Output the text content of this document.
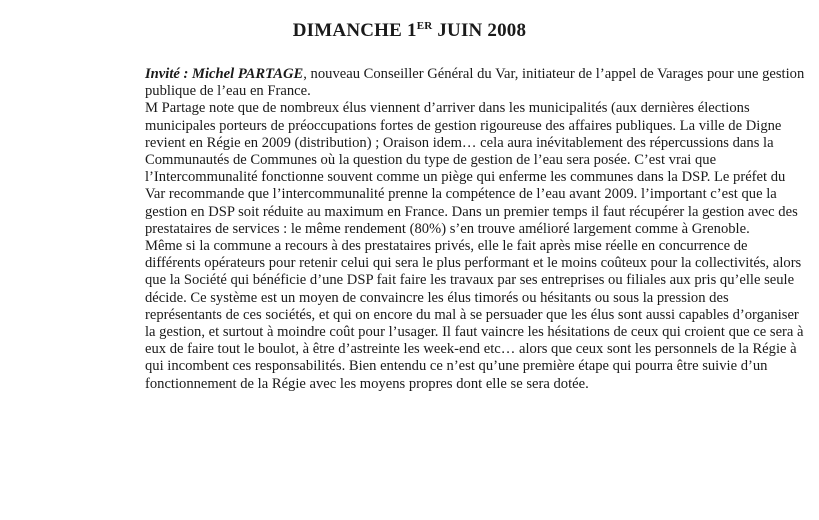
DIMANCHE 1ER JUIN 2008

Invité : Michel PARTAGE, nouveau Conseiller Général du Var, initiateur de l’appel de Varages pour une gestion publique de l’eau en France.

M Partage note que de nombreux élus viennent d’arriver dans les municipalités (aux dernières élections municipales porteurs de préoccupations fortes de gestion rigoureuse des affaires publiques. La ville de Digne revient en Régie en 2009 (distribution) ; Oraison idem… cela aura inévitablement des répercussions dans la Communautés de Communes où la question du type de gestion de l’eau sera posée. C’est vrai que l’Intercommunalité fonctionne souvent comme un piège qui enferme les communes dans la DSP. Le préfet du Var recommande que l’intercommunalité prenne la compétence de l’eau avant 2009. l’important c’est que la gestion en DSP soit réduite au maximum en France. Dans un premier temps il faut récupérer la gestion avec des prestataires de services : le même rendement (80%) s’en trouve amélioré largement comme à Grenoble.

Même si la commune a recours à des prestataires privés, elle le fait après mise réelle en concurrence de différents opérateurs pour retenir celui qui sera le plus performant et le moins coûteux pour la collectivités, alors que la Société qui bénéficie d’une DSP fait faire les travaux par ses entreprises ou filiales aux pris qu’elle seule décide. Ce système est un moyen de convaincre les élus timorés ou hésitants ou sous la pression des représentants de ces sociétés, et qui on encore du mal à se persuader que les élus sont aussi capables d’organiser la gestion, et surtout à moindre coût pour l’usager. Il faut vaincre les hésitations de ceux qui croient que ce sera à eux de faire tout le boulot, à être d’astreinte les week-end etc… alors que ceux sont les personnels de la Régie à qui incombent ces responsabilités. Bien entendu ce n’est qu’une première étape qui pourra être suivie d’un fonctionnement de la Régie avec les moyens propres dont elle se sera dotée.
